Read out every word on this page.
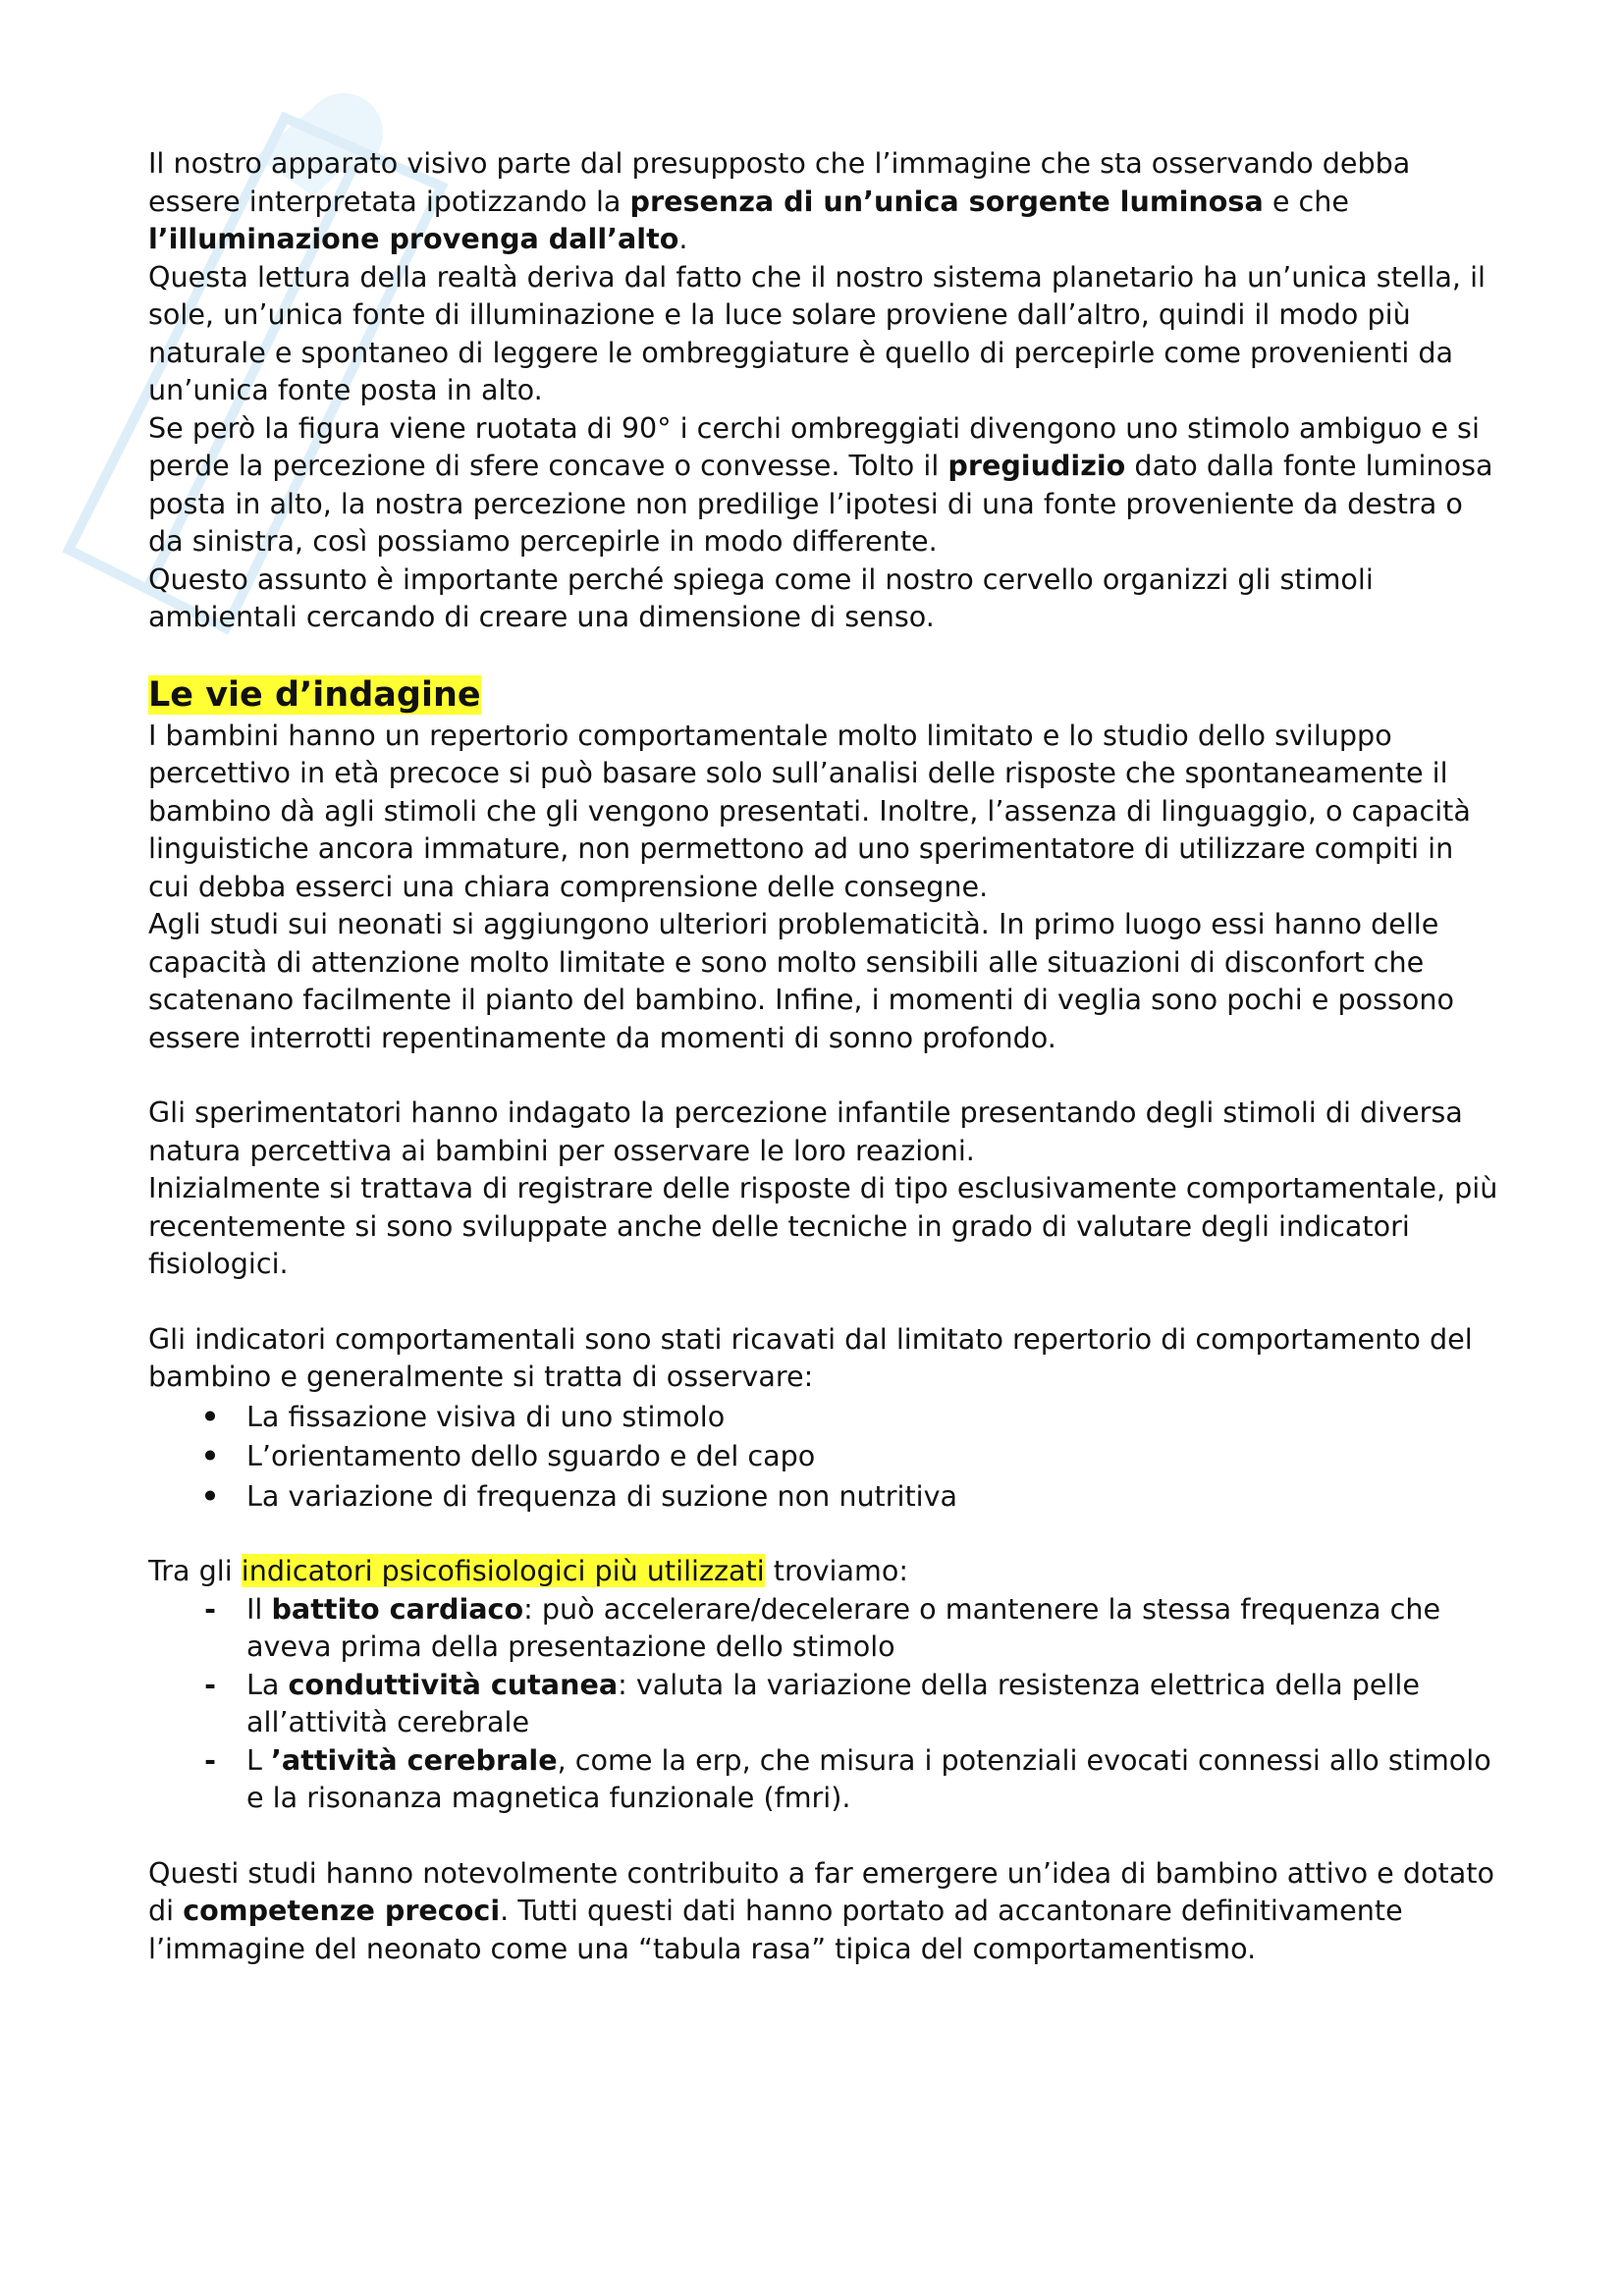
Il nostro apparato visivo parte dal presupposto che l’immagine che sta osservando debba essere interpretata ipotizzando la presenza di un’unica sorgente luminosa e che l’illuminazione provenga dall’alto.

Questa lettura della realtà deriva dal fatto che il nostro sistema planetario ha un’unica stella, il sole, un’unica fonte di illuminazione e la luce solare proviene dall’altro, quindi il modo più naturale e spontaneo di leggere le ombreggiature è quello di percepirle come provenienti da un’unica fonte posta in alto.

Se però la figura viene ruotata di 90° i cerchi ombreggiati divengono uno stimolo ambiguo e si perde la percezione di sfere concave o convesse. Tolto il pregiudizio dato dalla fonte luminosa posta in alto, la nostra percezione non predilige l’ipotesi di una fonte proveniente da destra o da sinistra, così possiamo percepirle in modo differente.

Questo assunto è importante perché spiega come il nostro cervello organizzi gli stimoli ambientali cercando di creare una dimensione di senso.

Le vie d’indagine

I bambini hanno un repertorio comportamentale molto limitato e lo studio dello sviluppo percettivo in età precoce si può basare solo sull’analisi delle risposte che spontaneamente il bambino dà agli stimoli che gli vengono presentati. Inoltre, l’assenza di linguaggio, o capacità linguistiche ancora immature, non permettono ad uno sperimentatore di utilizzare compiti in cui debba esserci una chiara comprensione delle consegne.

Agli studi sui neonati si aggiungono ulteriori problematicità. In primo luogo essi hanno delle capacità di attenzione molto limitate e sono molto sensibili alle situazioni di disconfort che scatenano facilmente il pianto del bambino. Infine, i momenti di veglia sono pochi e possono essere interrotti repentinamente da momenti di sonno profondo.

Gli sperimentatori hanno indagato la percezione infantile presentando degli stimoli di diversa natura percettiva ai bambini per osservare le loro reazioni.

Inizialmente si trattava di registrare delle risposte di tipo esclusivamente comportamentale, più recentemente si sono sviluppate anche delle tecniche in grado di valutare degli indicatori fisiologici.

Gli indicatori comportamentali sono stati ricavati dal limitato repertorio di comportamento del bambino e generalmente si tratta di osservare:

• La fissazione visiva di uno stimolo
• L’orientamento dello sguardo e del capo
• La variazione di frequenza di suzione non nutritiva

Tra gli indicatori psicofisiologici più utilizzati troviamo:

-	Il battito cardiaco: può accelerare/decelerare o mantenere la stessa frequenza che aveva prima della presentazione dello stimolo
-	La conduttività cutanea: valuta la variazione della resistenza elettrica della pelle all’attività cerebrale
-	L ’attività cerebrale, come la erp, che misura i potenziali evocati connessi allo stimolo e la risonanza magnetica funzionale (fmri).

Questi studi hanno notevolmente contribuito a far emergere un’idea di bambino attivo e dotato di competenze precoci. Tutti questi dati hanno portato ad accantonare definitivamente l’immagine del neonato come una “tabula rasa” tipica del comportamentismo.
